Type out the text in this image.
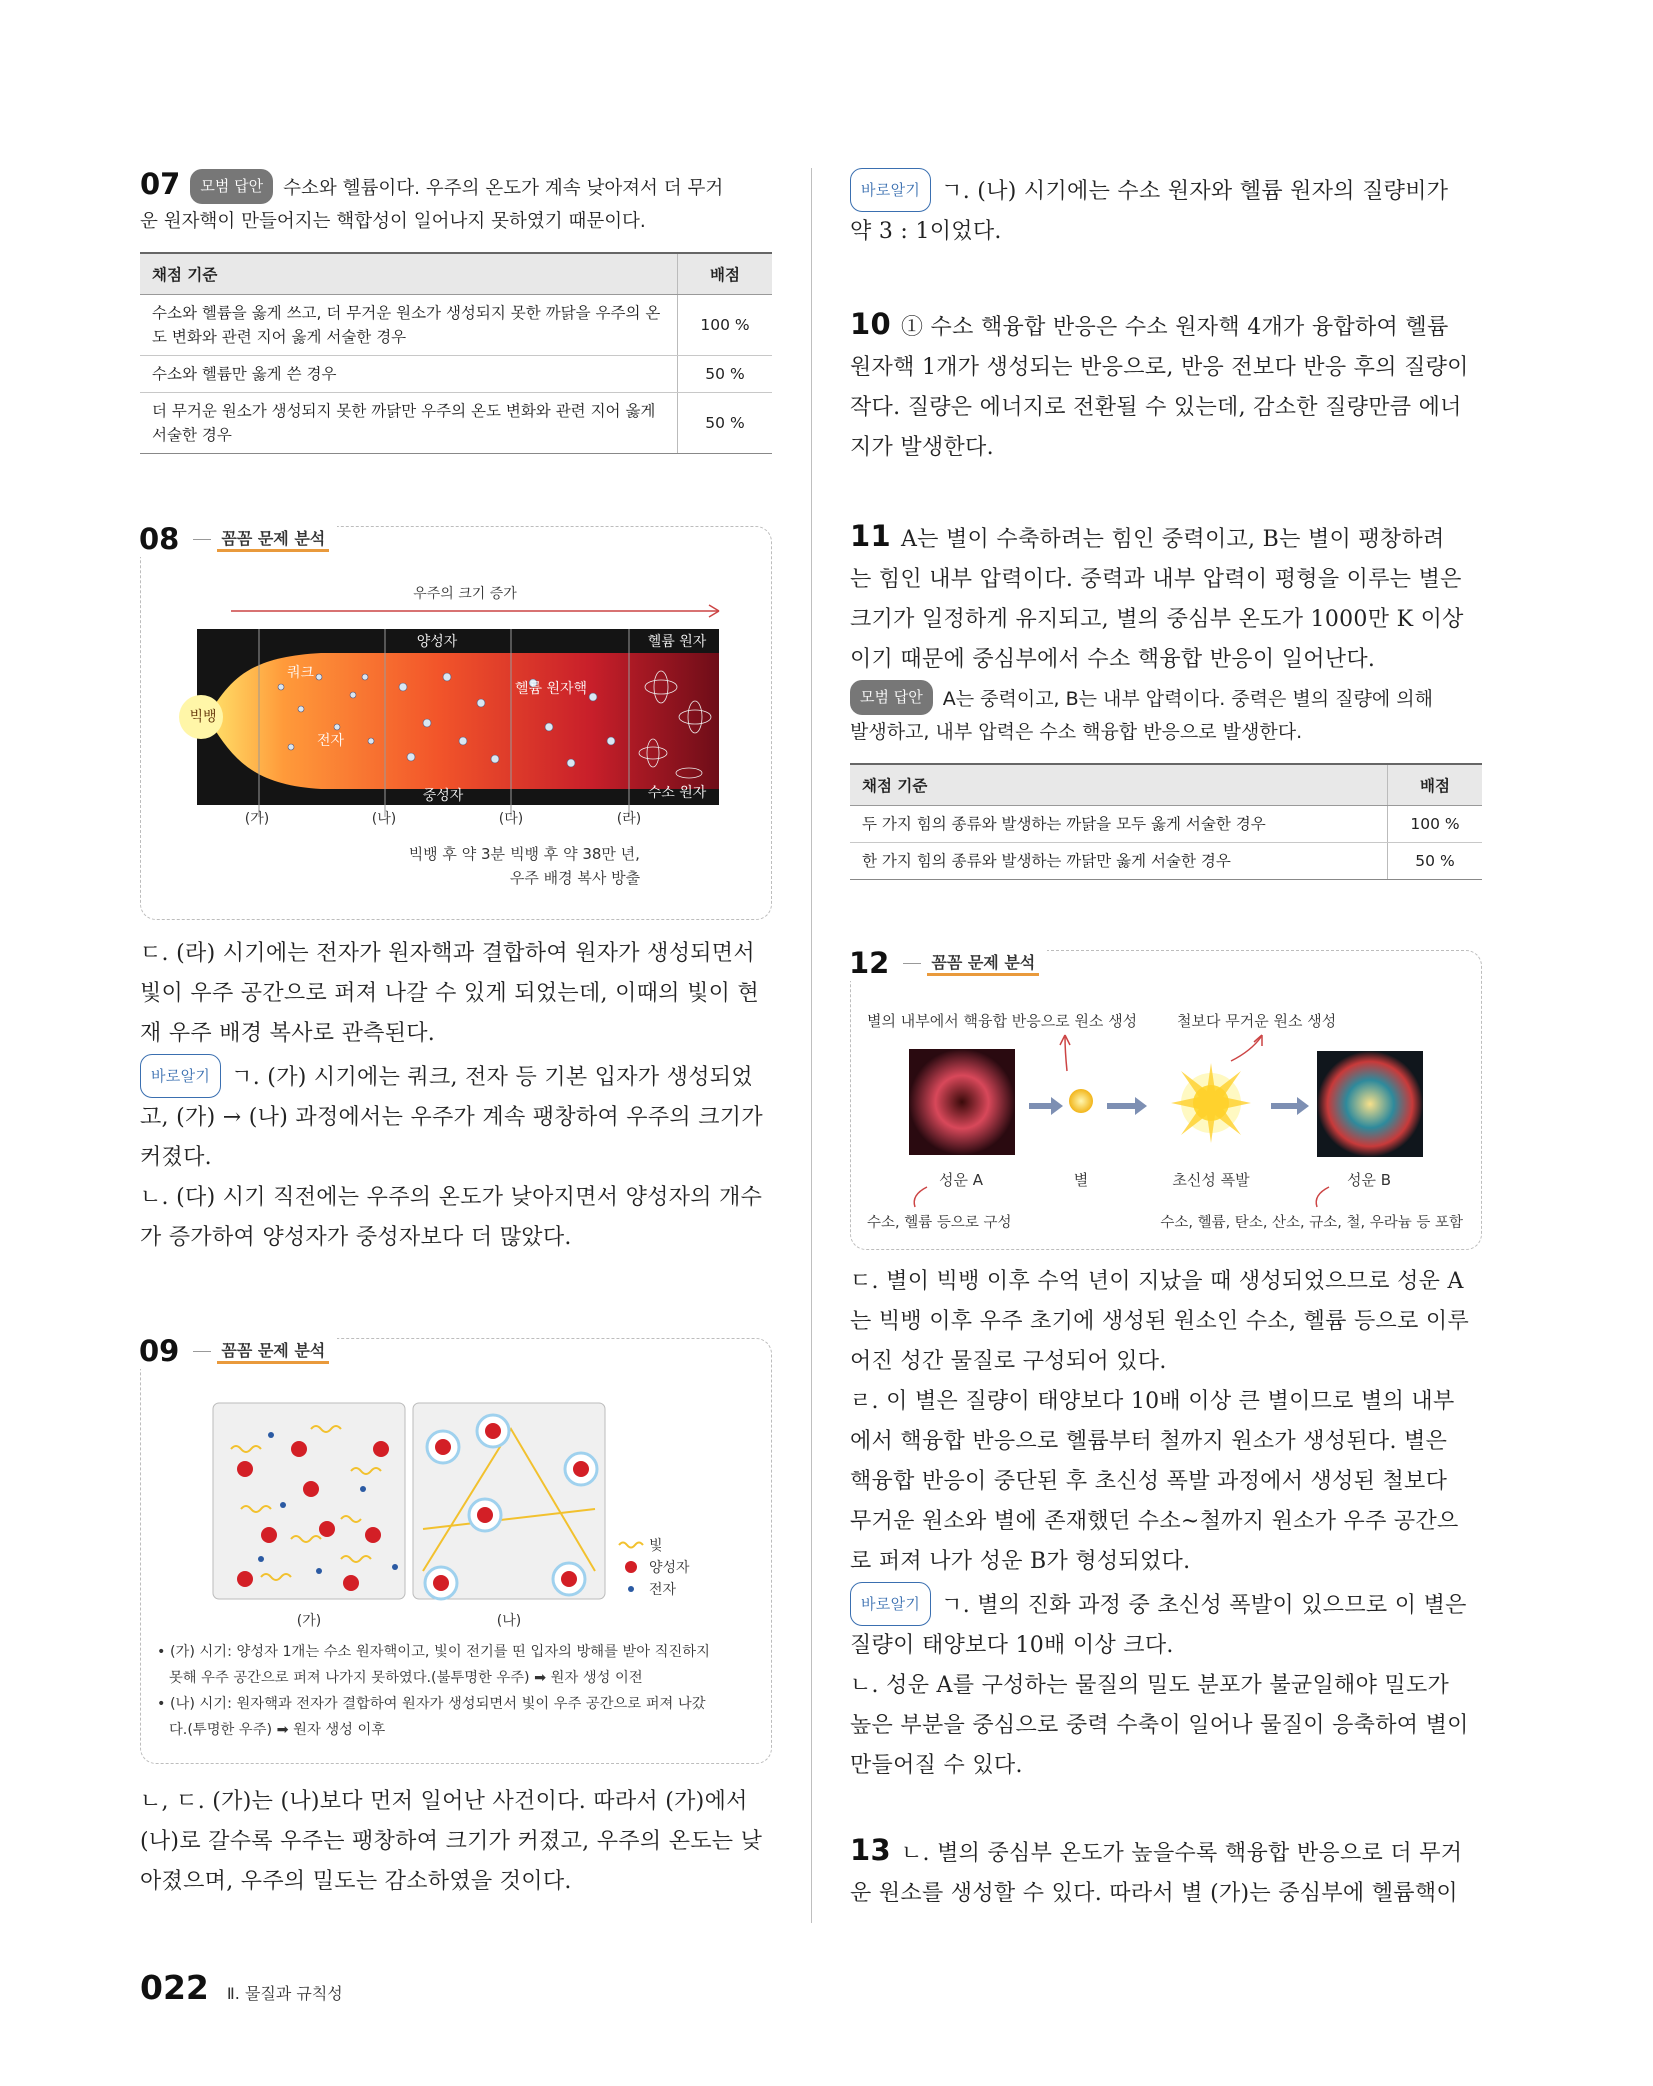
07 모범 답안 수소와 헬륨이다. 우주의 온도가 계속 낮아져서 더 무거
운 원자핵이 만들어지는 핵합성이 일어나지 못하였기 때문이다.

채점 기준	배점
수소와 헬륨을 옳게 쓰고, 더 무거운 원소가 생성되지 못한 까닭을 우주의 온도 변화와 관련 지어 옳게 서술한 경우	100 %
수소와 헬륨만 옳게 쓴 경우	50 %
더 무거운 원소가 생성되지 못한 까닭만 우주의 온도 변화와 관련 지어 옳게 서술한 경우	50 %
08	꼼꼼 문제 분석
우주의 크기 증가
빅뱅
쿼크
전자
양성자
헬륨 원자핵
중성자
헬륨 원자
수소 원자
(가)	(나)	(다)	(라)
빅뱅 후 약 3분 빅뱅 후 약 38만 년,
우주 배경 복사 방출

ㄷ. (라) 시기에는 전자가 원자핵과 결합하여 원자가 생성되면서
빛이 우주 공간으로 퍼져 나갈 수 있게 되었는데, 이때의 빛이 현
재 우주 배경 복사로 관측된다.
바로알기 ㄱ. (가) 시기에는 쿼크, 전자 등 기본 입자가 생성되었
고, (가) → (나) 과정에서는 우주가 계속 팽창하여 우주의 크기가
커졌다.
ㄴ. (다) 시기 직전에는 우주의 온도가 낮아지면서 양성자의 개수
가 증가하여 양성자가 중성자보다 더 많았다.

09	꼼꼼 문제 분석
(가)	(나)
빛
양성자
전자
• (가) 시기: 양성자 1개는 수소 원자핵이고, 빛이 전기를 띤 입자의 방해를 받아 직진하지
못해 우주 공간으로 퍼져 나가지 못하였다.(불투명한 우주) ➡ 원자 생성 이전
• (나) 시기: 원자핵과 전자가 결합하여 원자가 생성되면서 빛이 우주 공간으로 퍼져 나갔
다.(투명한 우주) ➡ 원자 생성 이후

ㄴ, ㄷ. (가)는 (나)보다 먼저 일어난 사건이다. 따라서 (가)에서
(나)로 갈수록 우주는 팽창하여 크기가 커졌고, 우주의 온도는 낮
아졌으며, 우주의 밀도는 감소하였을 것이다.

바로알기 ㄱ. (나) 시기에는 수소 원자와 헬륨 원자의 질량비가
약 3 : 1이었다.

10 ① 수소 핵융합 반응은 수소 원자핵 4개가 융합하여 헬륨
원자핵 1개가 생성되는 반응으로, 반응 전보다 반응 후의 질량이
작다. 질량은 에너지로 전환될 수 있는데, 감소한 질량만큼 에너
지가 발생한다.

11 A는 별이 수축하려는 힘인 중력이고, B는 별이 팽창하려
는 힘인 내부 압력이다. 중력과 내부 압력이 평형을 이루는 별은
크기가 일정하게 유지되고, 별의 중심부 온도가 1000만 K 이상
이기 때문에 중심부에서 수소 핵융합 반응이 일어난다.

모범 답안 A는 중력이고, B는 내부 압력이다. 중력은 별의 질량에 의해
발생하고, 내부 압력은 수소 핵융합 반응으로 발생한다.

채점 기준	배점
두 가지 힘의 종류와 발생하는 까닭을 모두 옳게 서술한 경우	100 %
한 가지 힘의 종류와 발생하는 까닭만 옳게 서술한 경우	50 %
12	꼼꼼 문제 분석
별의 내부에서 핵융합 반응으로 원소 생성	철보다 무거운 원소 생성
성운 A	별	초신성 폭발	성운 B
수소, 헬륨 등으로 구성	수소, 헬륨, 탄소, 산소, 규소, 철, 우라늄 등 포함

ㄷ. 별이 빅뱅 이후 수억 년이 지났을 때 생성되었으므로 성운 A
는 빅뱅 이후 우주 초기에 생성된 원소인 수소, 헬륨 등으로 이루
어진 성간 물질로 구성되어 있다.
ㄹ. 이 별은 질량이 태양보다 10배 이상 큰 별이므로 별의 내부
에서 핵융합 반응으로 헬륨부터 철까지 원소가 생성된다. 별은
핵융합 반응이 중단된 후 초신성 폭발 과정에서 생성된 철보다
무거운 원소와 별에 존재했던 수소~철까지 원소가 우주 공간으
로 퍼져 나가 성운 B가 형성되었다.
바로알기 ㄱ. 별의 진화 과정 중 초신성 폭발이 있으므로 이 별은
질량이 태양보다 10배 이상 크다.
ㄴ. 성운 A를 구성하는 물질의 밀도 분포가 불균일해야 밀도가
높은 부분을 중심으로 중력 수축이 일어나 물질이 응축하여 별이
만들어질 수 있다.

13 ㄴ. 별의 중심부 온도가 높을수록 핵융합 반응으로 더 무거
운 원소를 생성할 수 있다. 따라서 별 (가)는 중심부에 헬륨핵이

022 Ⅱ. 물질과 규칙성
